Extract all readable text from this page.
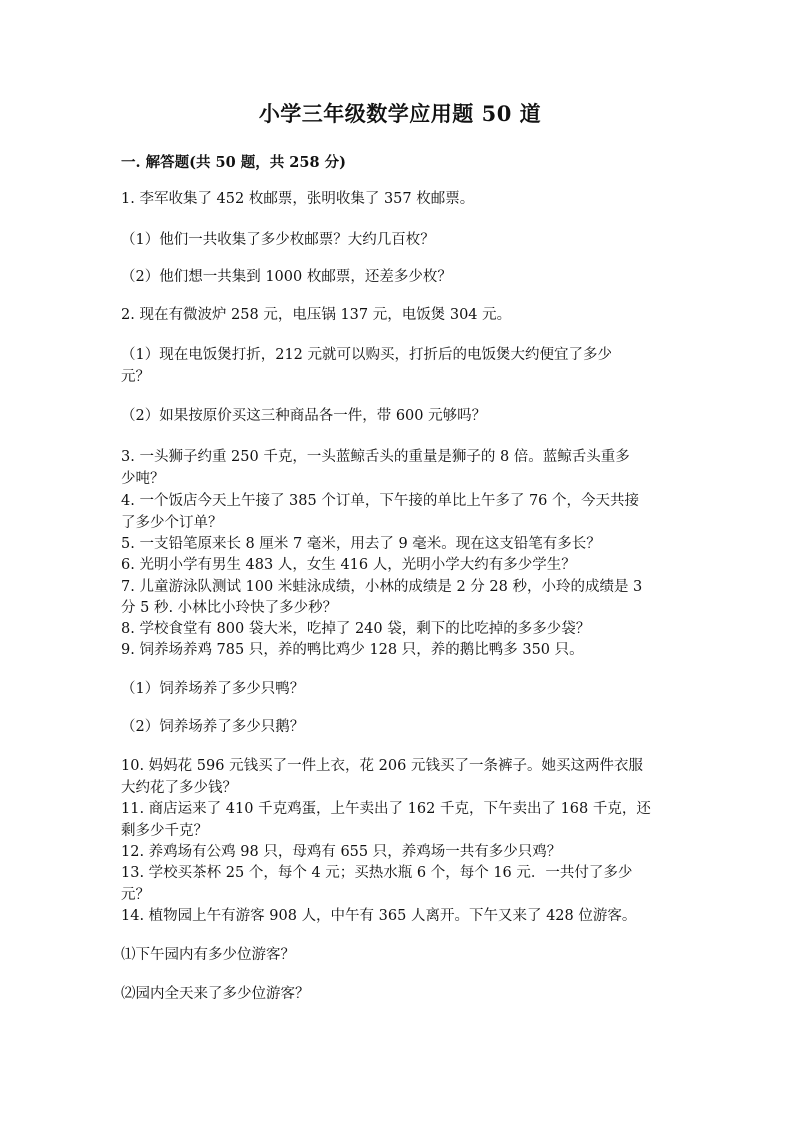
小学三年级数学应用题 50 道
一. 解答题(共 50 题，共 258 分)
1. 李军收集了 452 枚邮票，张明收集了 357 枚邮票。
（1）他们一共收集了多少枚邮票？大约几百枚？
（2）他们想一共集到 1000 枚邮票，还差多少枚？
2. 现在有微波炉 258 元，电压锅 137 元，电饭煲 304 元。
（1）现在电饭煲打折，212 元就可以购买，打折后的电饭煲大约便宜了多少
元？
（2）如果按原价买这三种商品各一件，带 600 元够吗？
3. 一头狮子约重 250 千克，一头蓝鲸舌头的重量是狮子的 8 倍。蓝鲸舌头重多
少吨？
4. 一个饭店今天上午接了 385 个订单，下午接的单比上午多了 76 个，今天共接
了多少个订单？
5. 一支铅笔原来长 8 厘米 7 毫米，用去了 9 毫米。现在这支铅笔有多长？
6. 光明小学有男生 483 人，女生 416 人，光明小学大约有多少学生？
7. 儿童游泳队测试 100 米蛙泳成绩，小林的成绩是 2 分 28 秒，小玲的成绩是 3
分 5 秒. 小林比小玲快了多少秒？
8. 学校食堂有 800 袋大米，吃掉了 240 袋，剩下的比吃掉的多多少袋？
9. 饲养场养鸡 785 只，养的鸭比鸡少 128 只，养的鹅比鸭多 350 只。
（1）饲养场养了多少只鸭？
（2）饲养场养了多少只鹅？
10. 妈妈花 596 元钱买了一件上衣，花 206 元钱买了一条裤子。她买这两件衣服
大约花了多少钱？
11. 商店运来了 410 千克鸡蛋，上午卖出了 162 千克，下午卖出了 168 千克，还
剩多少千克？
12. 养鸡场有公鸡 98 只，母鸡有 655 只，养鸡场一共有多少只鸡？
13. 学校买茶杯 25 个，每个 4 元；买热水瓶 6 个，每个 16 元．一共付了多少
元？
14. 植物园上午有游客 908 人，中午有 365 人离开。下午又来了 428 位游客。
⑴下午园内有多少位游客？
⑵园内全天来了多少位游客？
